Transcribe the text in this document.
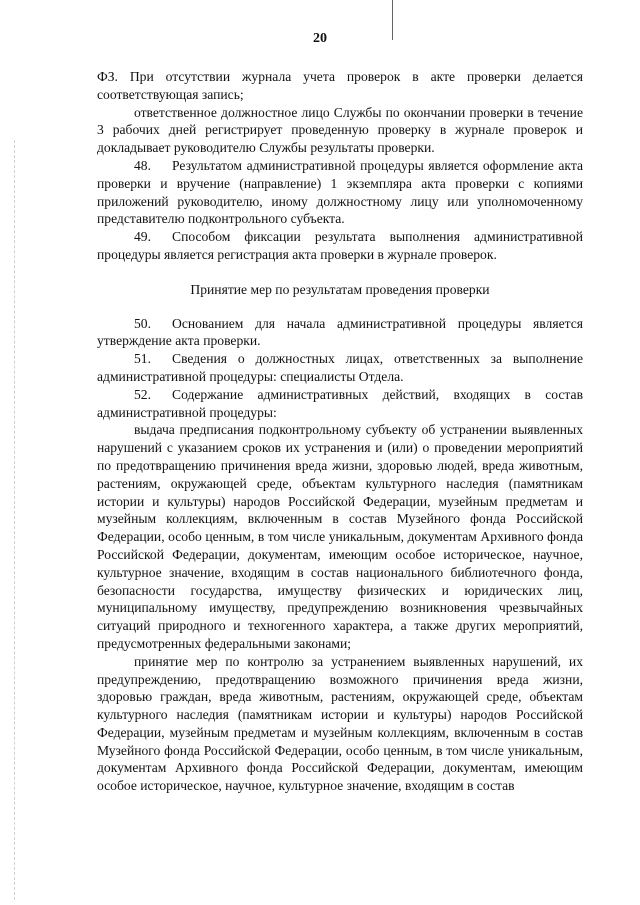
20

ФЗ. При отсутствии журнала учета проверок в акте проверки делается соответствующая запись;

ответственное должностное лицо Службы по окончании проверки в течение 3 рабочих дней регистрирует проведенную проверку в журнале проверок и докладывает руководителю Службы результаты проверки.

48. Результатом административной процедуры является оформление акта проверки и вручение (направление) 1 экземпляра акта проверки с копиями приложений руководителю, иному должностному лицу или уполномоченному представителю подконтрольного субъекта.

49. Способом фиксации результата выполнения административной процедуры является регистрация акта проверки в журнале проверок.

Принятие мер по результатам проведения проверки

50. Основанием для начала административной процедуры является утверждение акта проверки.

51. Сведения о должностных лицах, ответственных за выполнение административной процедуры: специалисты Отдела.

52. Содержание административных действий, входящих в состав административной процедуры:

выдача предписания подконтрольному субъекту об устранении выявленных нарушений с указанием сроков их устранения и (или) о проведении мероприятий по предотвращению причинения вреда жизни, здоровью людей, вреда животным, растениям, окружающей среде, объектам культурного наследия (памятникам истории и культуры) народов Российской Федерации, музейным предметам и музейным коллекциям, включенным в состав Музейного фонда Российской Федерации, особо ценным, в том числе уникальным, документам Архивного фонда Российской Федерации, документам, имеющим особое историческое, научное, культурное значение, входящим в состав национального библиотечного фонда, безопасности государства, имуществу физических и юридических лиц, муниципальному имуществу, предупреждению возникновения чрезвычайных ситуаций природного и техногенного характера, а также других мероприятий, предусмотренных федеральными законами;

принятие мер по контролю за устранением выявленных нарушений, их предупреждению, предотвращению возможного причинения вреда жизни, здоровью граждан, вреда животным, растениям, окружающей среде, объектам культурного наследия (памятникам истории и культуры) народов Российской Федерации, музейным предметам и музейным коллекциям, включенным в состав Музейного фонда Российской Федерации, особо ценным, в том числе уникальным, документам Архивного фонда Российской Федерации, документам, имеющим особое историческое, научное, культурное значение, входящим в состав
